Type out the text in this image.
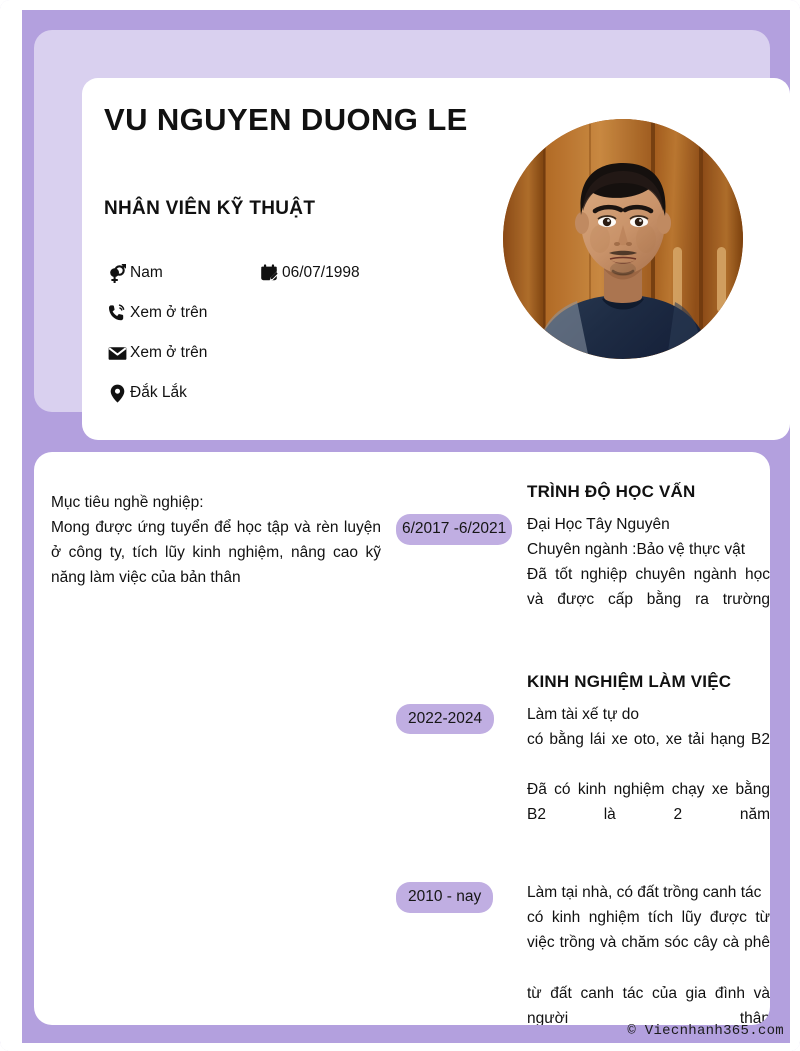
VU NGUYEN DUONG LE
NHÂN VIÊN KỸ THUẬT
Nam	06/07/1998
Xem ở trên
Xem ở trên
Đắk Lắk
Mục tiêu nghề nghiệp:
Mong được ứng tuyển để học tập và rèn luyện ở công ty, tích lũy kinh nghiệm, nâng cao kỹ năng làm việc của bản thân
TRÌNH ĐỘ HỌC VẤN
6/2017 -6/2021	Đại Học Tây Nguyên
Chuyên ngành :Bảo vệ thực vật
Đã tốt nghiệp chuyên ngành học và được cấp bằng ra trường
KINH NGHIỆM LÀM VIỆC
2022-2024	Làm tài xế tự do
có bằng lái xe oto, xe tải hạng B2
Đã có kinh nghiệm chạy xe bằng B2 là 2 năm
2010 - nay	Làm tại nhà, có đất trồng canh tác
có kinh nghiệm tích lũy được từ việc trồng và chăm sóc cây cà phê
từ đất canh tác của gia đình và người thân
© Viecnhanh365.com
